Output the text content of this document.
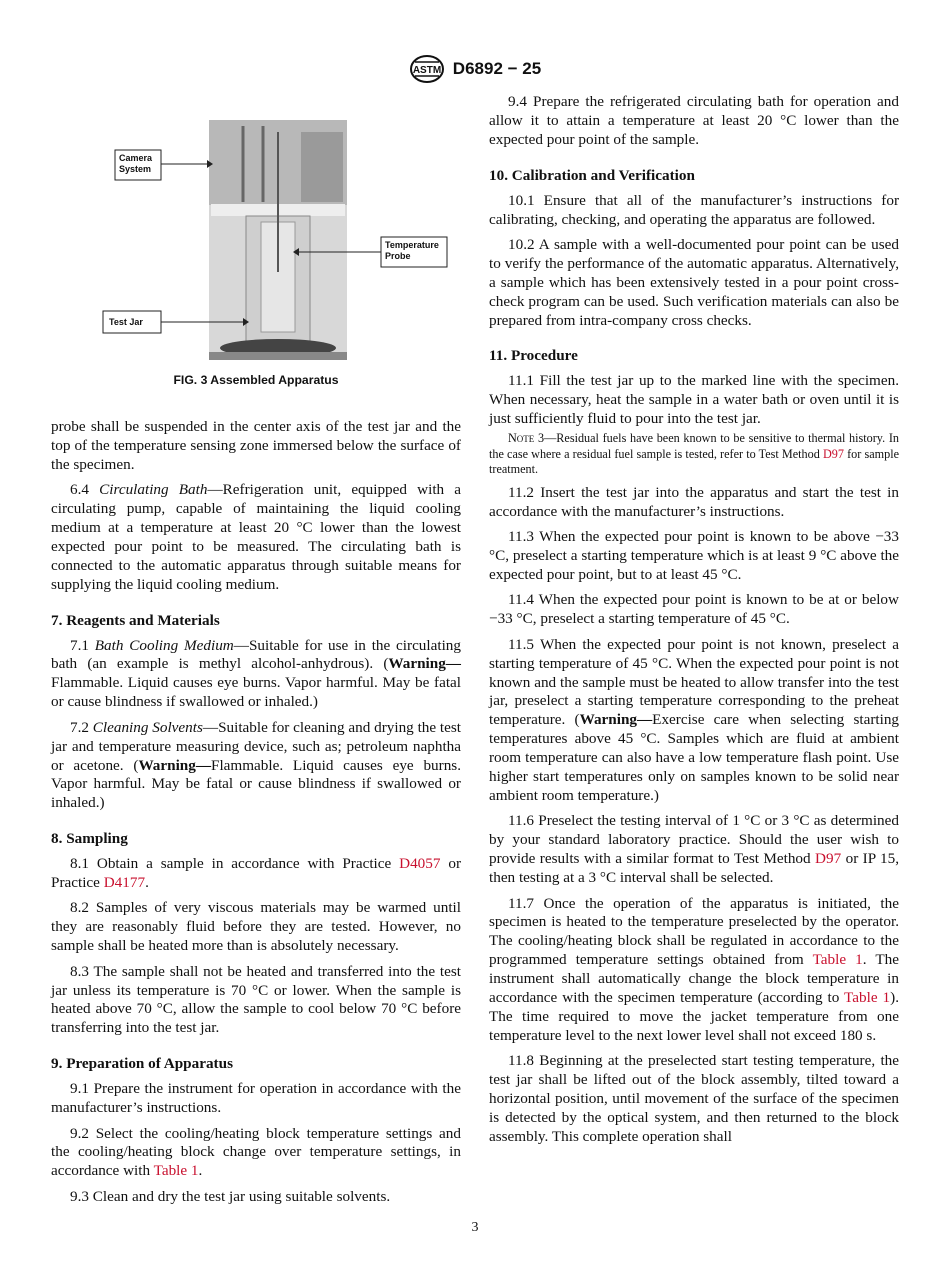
ASTM D6892 − 25
Camera
System
Temperature
Probe
Test Jar
FIG. 3 Assembled Apparatus

probe shall be suspended in the center axis of the test jar and the top of the temperature sensing zone immersed below the surface of the specimen.

6.4 Circulating Bath—Refrigeration unit, equipped with a circulating pump, capable of maintaining the liquid cooling medium at a temperature at least 20 °C lower than the lowest expected pour point to be measured. The circulating bath is connected to the automatic apparatus through suitable means for supplying the liquid cooling medium.

7. Reagents and Materials

7.1 Bath Cooling Medium—Suitable for use in the circulating bath (an example is methyl alcohol-anhydrous). (Warning—Flammable. Liquid causes eye burns. Vapor harmful. May be fatal or cause blindness if swallowed or inhaled.)

7.2 Cleaning Solvents—Suitable for cleaning and drying the test jar and temperature measuring device, such as; petroleum naphtha or acetone. (Warning—Flammable. Liquid causes eye burns. Vapor harmful. May be fatal or cause blindness if swallowed or inhaled.)

8. Sampling

8.1 Obtain a sample in accordance with Practice D4057 or Practice D4177.

8.2 Samples of very viscous materials may be warmed until they are reasonably fluid before they are tested. However, no sample shall be heated more than is absolutely necessary.

8.3 The sample shall not be heated and transferred into the test jar unless its temperature is 70 °C or lower. When the sample is heated above 70 °C, allow the sample to cool below 70 °C before transferring into the test jar.

9. Preparation of Apparatus

9.1 Prepare the instrument for operation in accordance with the manufacturer’s instructions.

9.2 Select the cooling/heating block temperature settings and the cooling/heating block change over temperature settings, in accordance with Table 1.

9.3 Clean and dry the test jar using suitable solvents.

9.4 Prepare the refrigerated circulating bath for operation and allow it to attain a temperature at least 20 °C lower than the expected pour point of the sample.

10. Calibration and Verification

10.1 Ensure that all of the manufacturer’s instructions for calibrating, checking, and operating the apparatus are followed.

10.2 A sample with a well-documented pour point can be used to verify the performance of the automatic apparatus. Alternatively, a sample which has been extensively tested in a pour point cross-check program can be used. Such verification materials can also be prepared from intra-company cross checks.

11. Procedure

11.1 Fill the test jar up to the marked line with the specimen. When necessary, heat the sample in a water bath or oven until it is just sufficiently fluid to pour into the test jar.

Note 3—Residual fuels have been known to be sensitive to thermal history. In the case where a residual fuel sample is tested, refer to Test Method D97 for sample treatment.

11.2 Insert the test jar into the apparatus and start the test in accordance with the manufacturer’s instructions.

11.3 When the expected pour point is known to be above −33 °C, preselect a starting temperature which is at least 9 °C above the expected pour point, but to at least 45 °C.

11.4 When the expected pour point is known to be at or below −33 °C, preselect a starting temperature of 45 °C.

11.5 When the expected pour point is not known, preselect a starting temperature of 45 °C. When the expected pour point is not known and the sample must be heated to allow transfer into the test jar, preselect a starting temperature corresponding to the preheat temperature. (Warning—Exercise care when selecting starting temperatures above 45 °C. Samples which are fluid at ambient room temperature can also have a low temperature flash point. Use higher start temperatures only on samples known to be solid near ambient room temperature.)

11.6 Preselect the testing interval of 1 °C or 3 °C as determined by your standard laboratory practice. Should the user wish to provide results with a similar format to Test Method D97 or IP 15, then testing at a 3 °C interval shall be selected.

11.7 Once the operation of the apparatus is initiated, the specimen is heated to the temperature preselected by the operator. The cooling/heating block shall be regulated in accordance to the programmed temperature settings obtained from Table 1. The instrument shall automatically change the block temperature in accordance with the specimen temperature (according to Table 1). The time required to move the jacket temperature from one temperature level to the next lower level shall not exceed 180 s.

11.8 Beginning at the preselected start testing temperature, the test jar shall be lifted out of the block assembly, tilted toward a horizontal position, until movement of the surface of the specimen is detected by the optical system, and then returned to the block assembly. This complete operation shall

3
